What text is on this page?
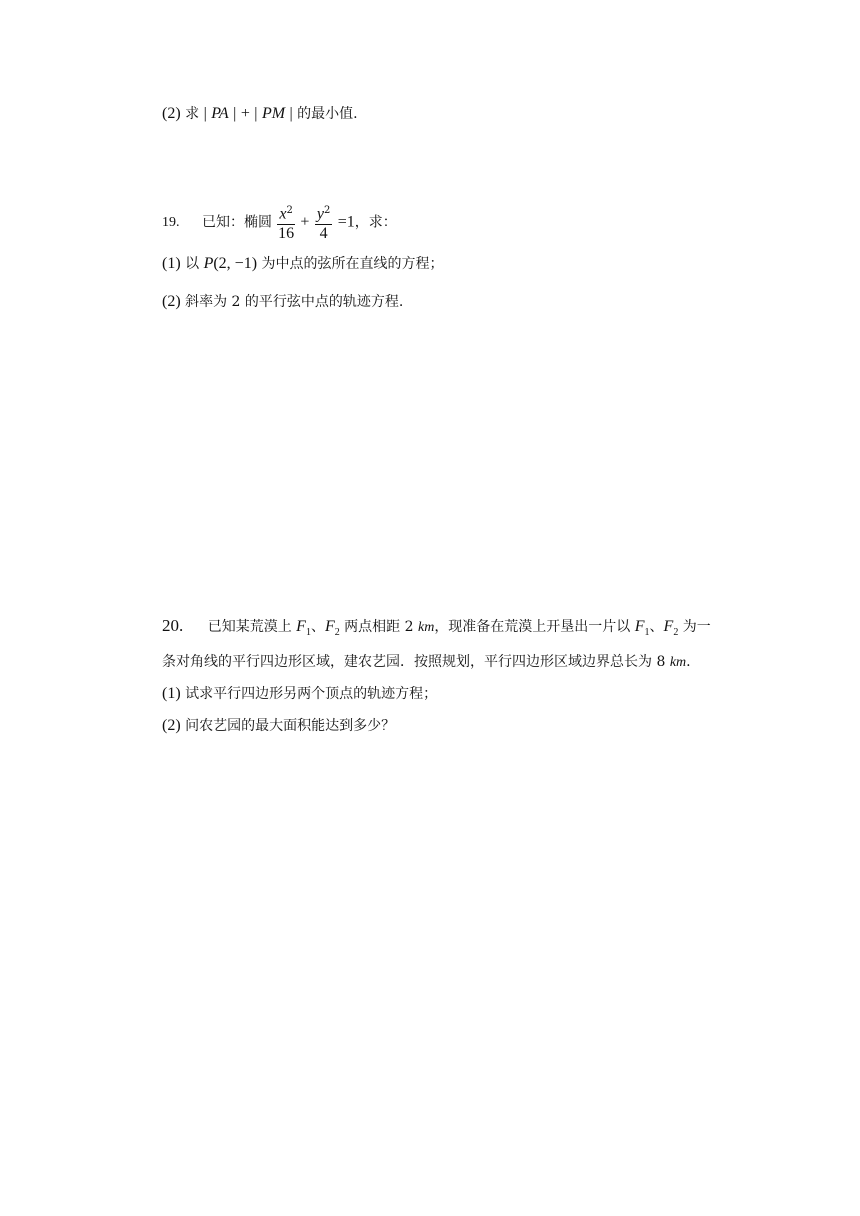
(2) 求 | PA | + | PM | 的最小值.
19. 已知：椭圆 $\frac{x^2}{16} + \frac{y^2}{4} =1$，求：
(1) 以 P(2, −1) 为中点的弦所在直线的方程；
(2) 斜率为 2 的平行弦中点的轨迹方程.
20. 已知某荒漠上 $F_1$、$F_2$ 两点相距 2 km，现准备在荒漠上开垦出一片以 $F_1$、$F_2$ 为一
条对角线的平行四边形区域，建农艺园．按照规划，平行四边形区域边界总长为 8 km.
(1) 试求平行四边形另两个顶点的轨迹方程；
(2) 问农艺园的最大面积能达到多少？
